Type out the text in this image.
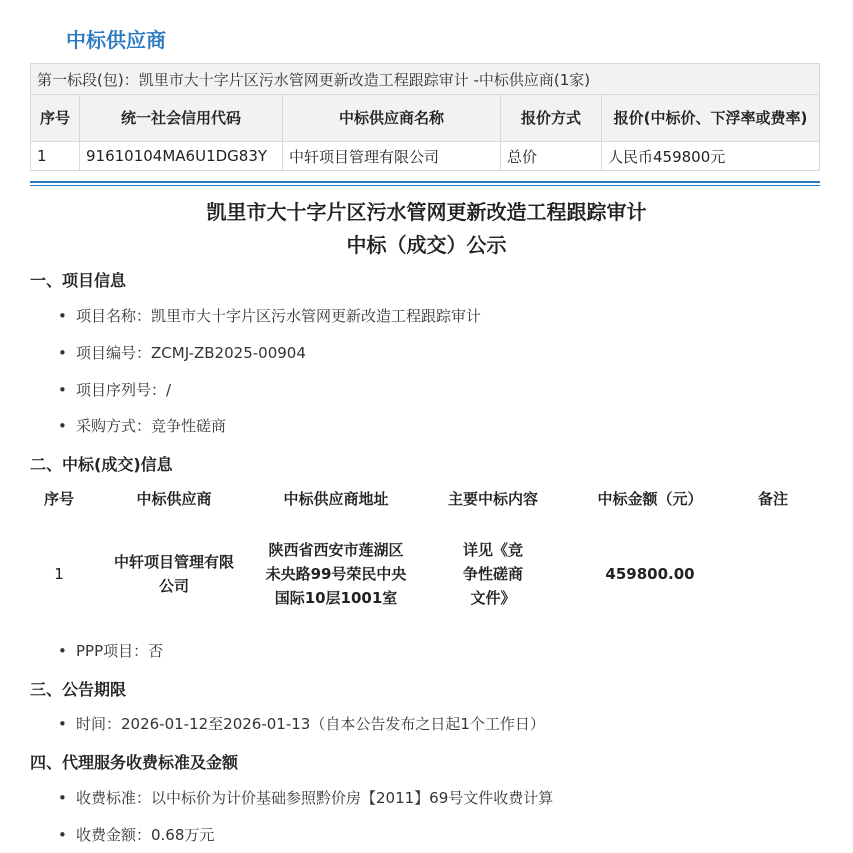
中标供应商
第一标段(包)：凯里市大十字片区污水管网更新改造工程跟踪审计 -中标供应商(1家)				
序号	统一社会信用代码	中标供应商名称	报价方式	报价(中标价、下浮率或费率)
1	91610104MA6U1DG83Y	中轩项目管理有限公司	总价	人民币459800元
凯里市大十字片区污水管网更新改造工程跟踪审计
中标（成交）公示
一、项目信息
• 项目名称：凯里市大十字片区污水管网更新改造工程跟踪审计
• 项目编号：ZCMJ-ZB2025-00904
• 项目序列号：/
• 采购方式：竞争性磋商
二、中标(成交)信息
序号	中标供应商	中标供应商地址	主要中标内容	中标金额（元）	备注
1	中轩项目管理有限公司	陕西省西安市莲湖区未央路99号荣民中央国际10层1001室	详见《竞争性磋商文件》	459800.00	
• PPP项目：否
三、公告期限
• 时间：2026-01-12至2026-01-13（自本公告发布之日起1个工作日）
四、代理服务收费标准及金额
• 收费标准：以中标价为计价基础参照黔价房【2011】69号文件收费计算
• 收费金额：0.68万元
